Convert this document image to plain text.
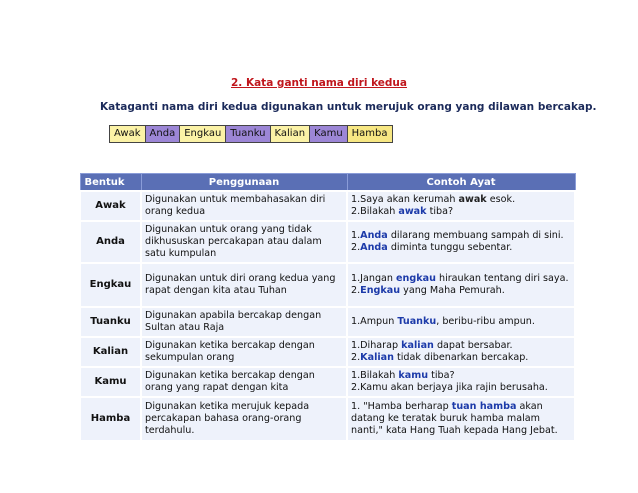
2. Kata ganti nama diri kedua
Kataganti nama diri kedua digunakan untuk merujuk orang yang dilawan bercakap.
Awak Anda Engkau Tuanku Kalian Kamu Hamba
Bentuk	Penggunaan	Contoh Ayat
Awak	Digunakan untuk membahasakan diri orang kedua	1.Saya akan kerumah awak esok.
2.Bilakah awak tiba?

Anda	Digunakan untuk orang yang tidak dikhususkan percakapan atau dalam satu kumpulan	1.Anda dilarang membuang sampah di sini.
2.Anda diminta tunggu sebentar.

Engkau	Digunakan untuk diri orang kedua yang rapat dengan kita atau Tuhan	1.Jangan engkau hiraukan tentang diri saya.
2.Engkau yang Maha Pemurah.

Tuanku	Digunakan apabila bercakap dengan Sultan atau Raja	1.Ampun Tuanku, beribu-ribu ampun.

Kalian	Digunakan ketika bercakap dengan sekumpulan orang	1.Diharap kalian dapat bersabar.
2.Kalian tidak dibenarkan bercakap.

Kamu	Digunakan ketika bercakap dengan orang yang rapat dengan kita	1.Bilakah kamu tiba?
2.Kamu akan berjaya jika rajin berusaha.

Hamba	Digunakan ketika merujuk kepada percakapan bahasa orang-orang terdahulu.	1. "Hamba berharap tuan hamba akan datang ke teratak buruk hamba malam nanti," kata Hang Tuah kepada Hang Jebat.
